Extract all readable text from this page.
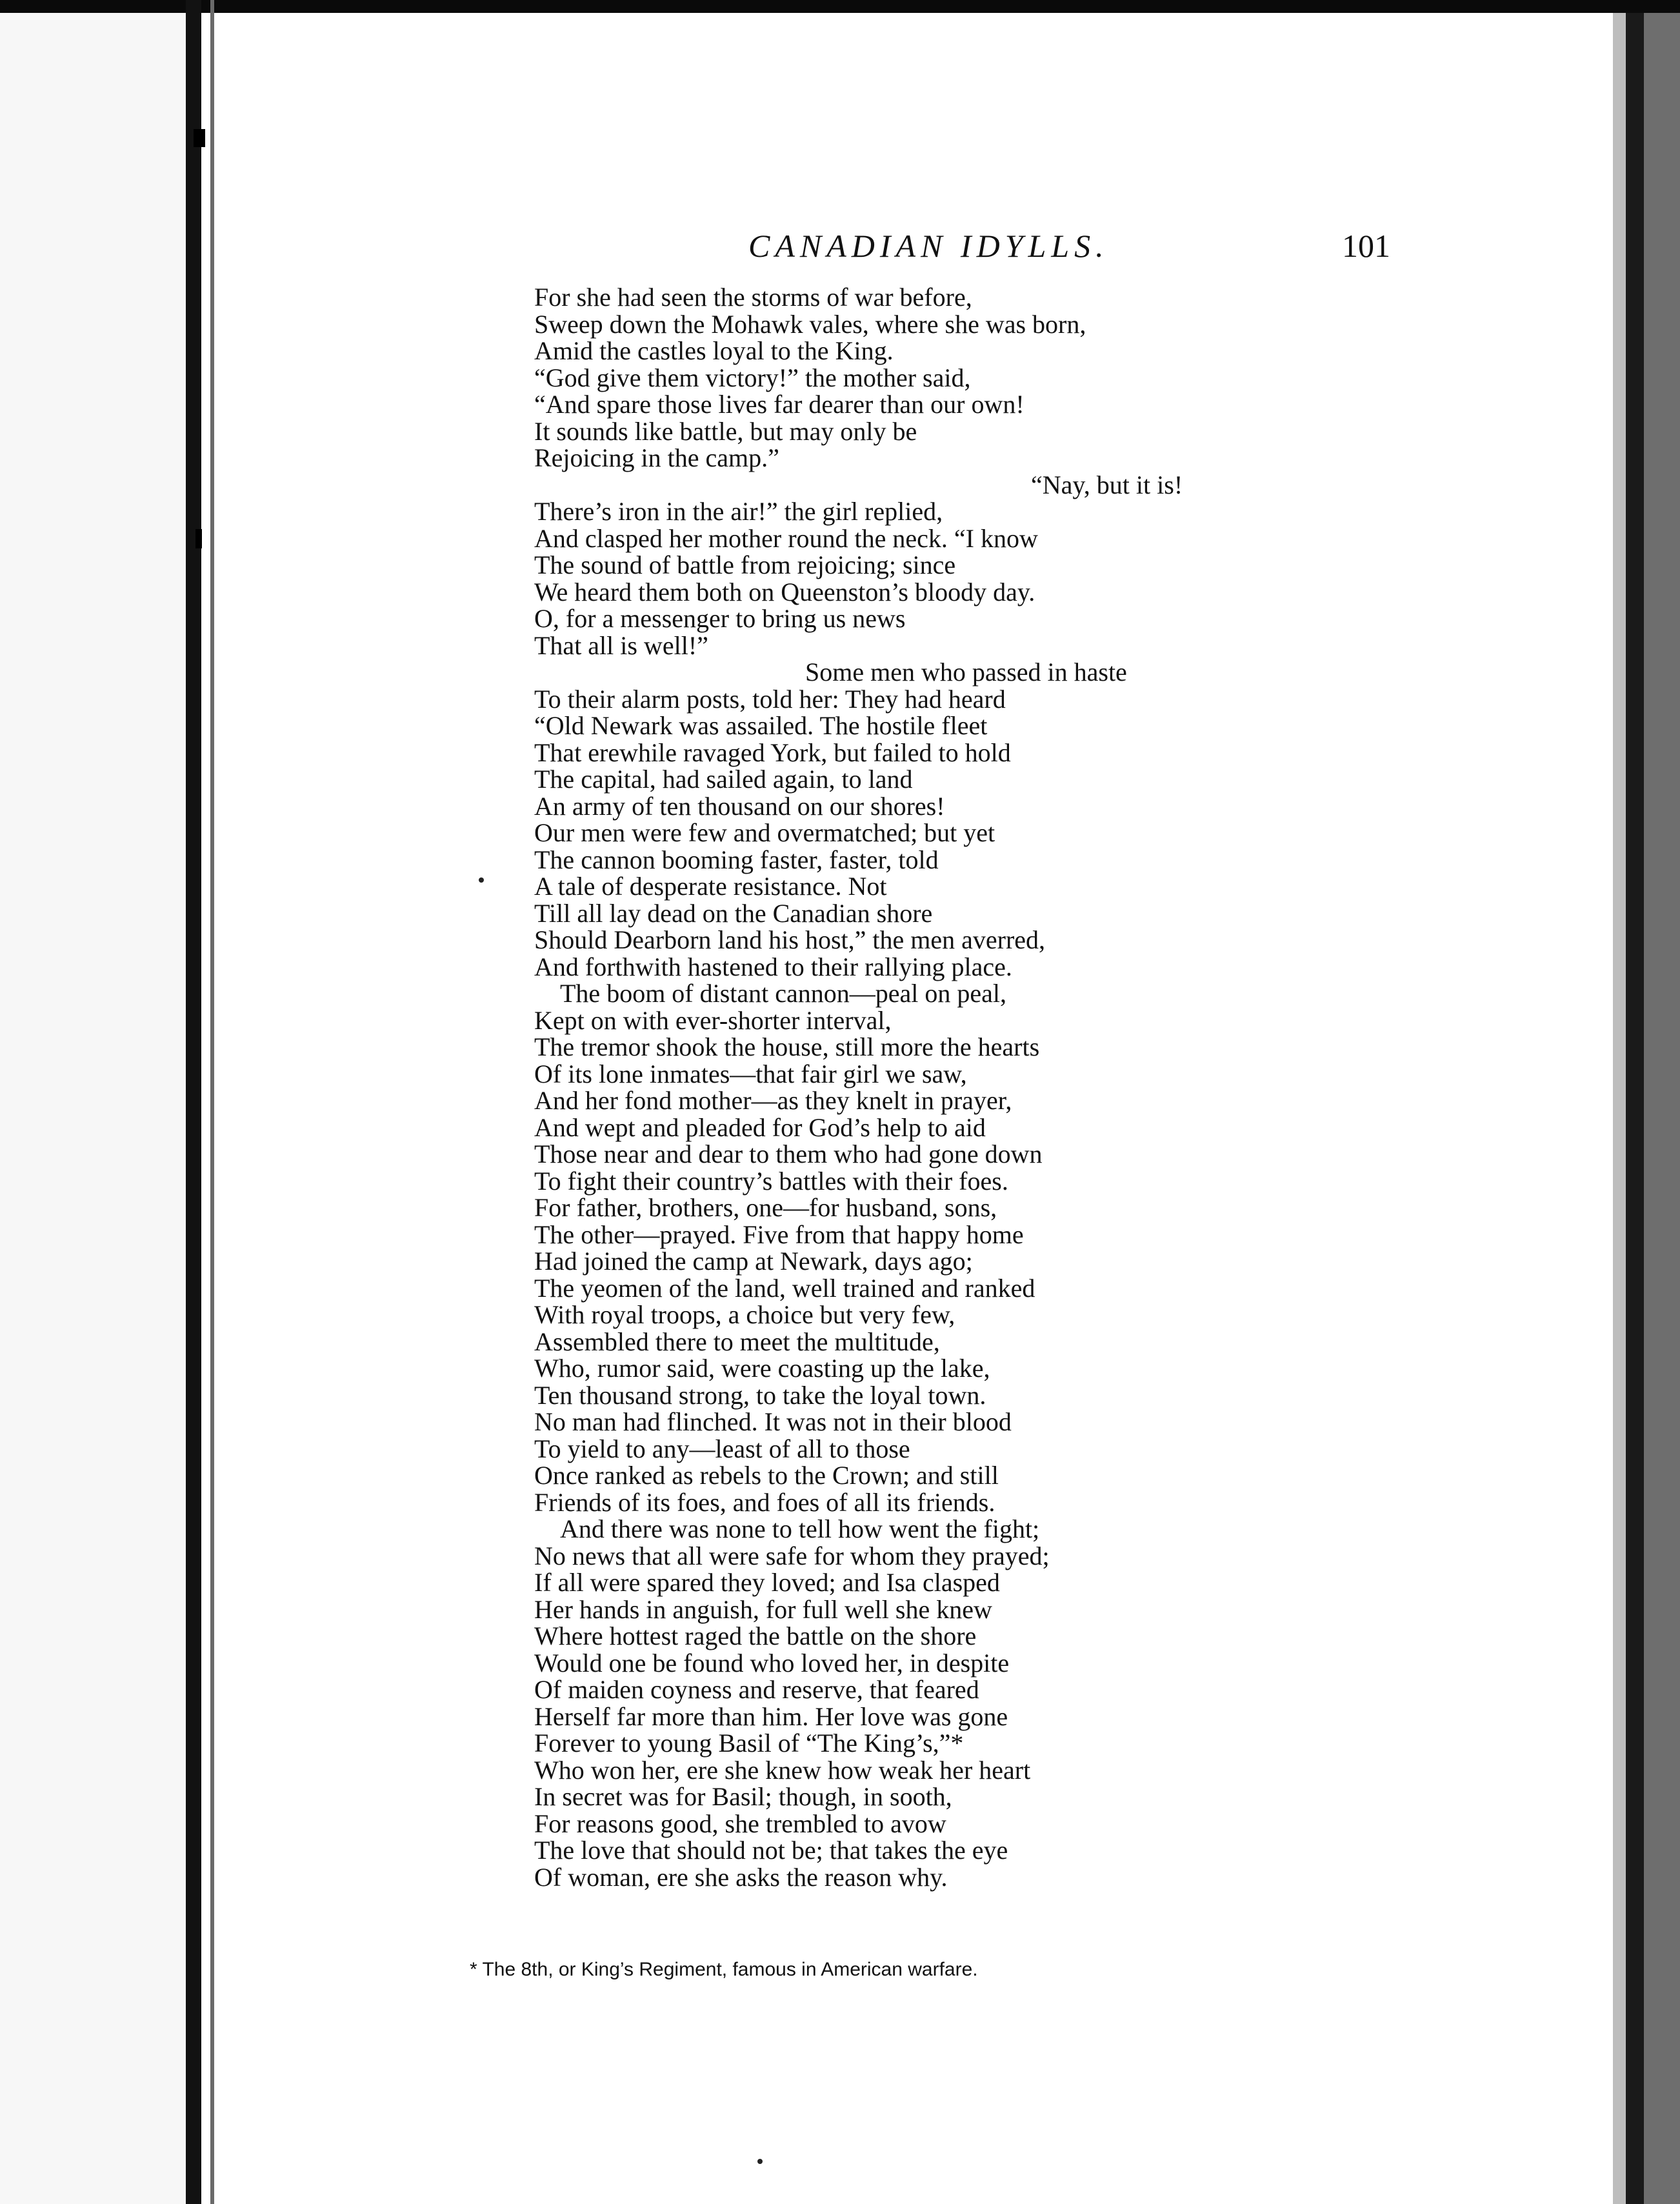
CANADIAN IDYLLS.	101
For she had seen the storms of war before,
Sweep down the Mohawk vales, where she was born,
Amid the castles loyal to the King.
“God give them victory!” the mother said,
“And spare those lives far dearer than our own!
It sounds like battle, but may only be
Rejoicing in the camp.”
“Nay, but it is!
There’s iron in the air!” the girl replied,
And clasped her mother round the neck. “I know
The sound of battle from rejoicing; since
We heard them both on Queenston’s bloody day.
O, for a messenger to bring us news
That all is well!”
Some men who passed in haste
To their alarm posts, told her: They had heard
“Old Newark was assailed. The hostile fleet
That erewhile ravaged York, but failed to hold
The capital, had sailed again, to land
An army of ten thousand on our shores!
Our men were few and overmatched; but yet
The cannon booming faster, faster, told
A tale of desperate resistance. Not
Till all lay dead on the Canadian shore
Should Dearborn land his host,” the men averred,
And forthwith hastened to their rallying place.
The boom of distant cannon—peal on peal,
Kept on with ever-shorter interval,
The tremor shook the house, still more the hearts
Of its lone inmates—that fair girl we saw,
And her fond mother—as they knelt in prayer,
And wept and pleaded for God’s help to aid
Those near and dear to them who had gone down
To fight their country’s battles with their foes.
For father, brothers, one—for husband, sons,
The other—prayed. Five from that happy home
Had joined the camp at Newark, days ago;
The yeomen of the land, well trained and ranked
With royal troops, a choice but very few,
Assembled there to meet the multitude,
Who, rumor said, were coasting up the lake,
Ten thousand strong, to take the loyal town.
No man had flinched. It was not in their blood
To yield to any—least of all to those
Once ranked as rebels to the Crown; and still
Friends of its foes, and foes of all its friends.
And there was none to tell how went the fight;
No news that all were safe for whom they prayed;
If all were spared they loved; and Isa clasped
Her hands in anguish, for full well she knew
Where hottest raged the battle on the shore
Would one be found who loved her, in despite
Of maiden coyness and reserve, that feared
Herself far more than him. Her love was gone
Forever to young Basil of “The King’s,”*
Who won her, ere she knew how weak her heart
In secret was for Basil; though, in sooth,
For reasons good, she trembled to avow
The love that should not be; that takes the eye
Of woman, ere she asks the reason why.
* The 8th, or King’s Regiment, famous in American warfare.
